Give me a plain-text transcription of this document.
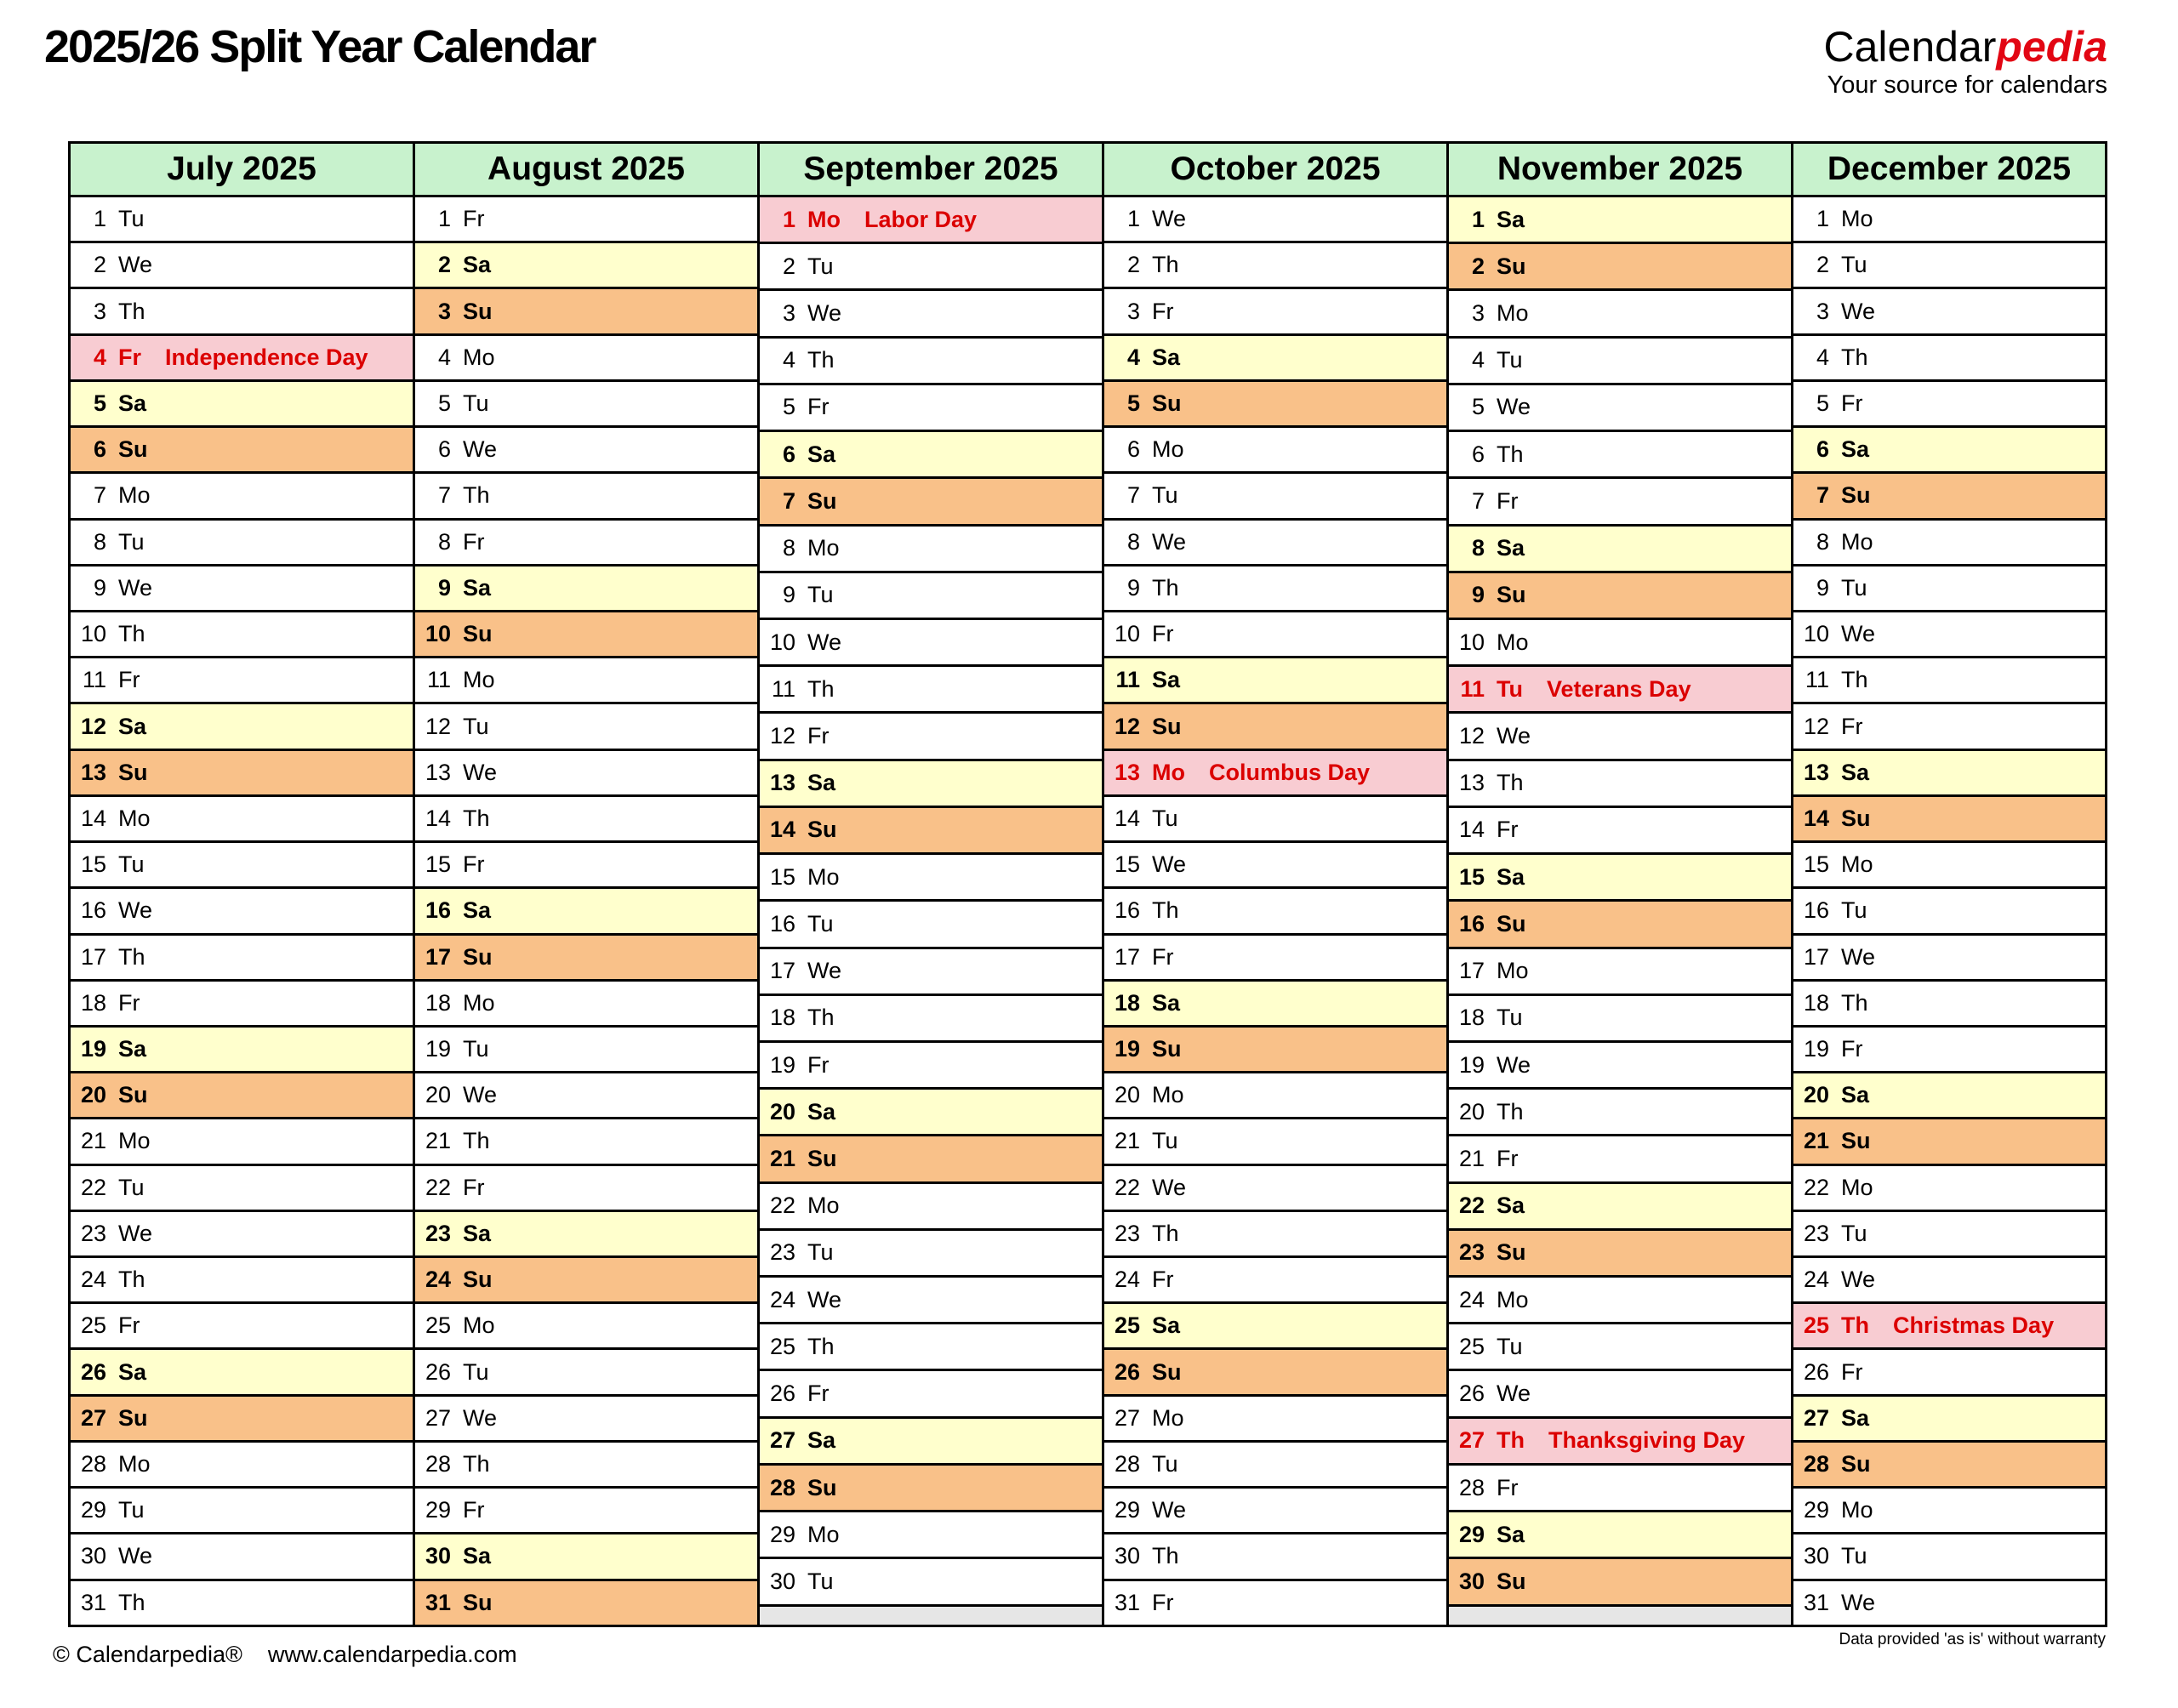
2025/26 Split Year Calendar	Calendarpedia
Your source for calendars
July 2025
1 Tu
2 We
3 Th
4 Fr Independence Day
5 Sa
6 Su
7 Mo
8 Tu
9 We
10 Th
11 Fr
12 Sa
13 Su
14 Mo
15 Tu
16 We
17 Th
18 Fr
19 Sa
20 Su
21 Mo
22 Tu
23 We
24 Th
25 Fr
26 Sa
27 Su
28 Mo
29 Tu
30 We
31 Th
August 2025
1 Fr
2 Sa
3 Su
4 Mo
5 Tu
6 We
7 Th
8 Fr
9 Sa
10 Su
11 Mo
12 Tu
13 We
14 Th
15 Fr
16 Sa
17 Su
18 Mo
19 Tu
20 We
21 Th
22 Fr
23 Sa
24 Su
25 Mo
26 Tu
27 We
28 Th
29 Fr
30 Sa
31 Su
September 2025
1 Mo Labor Day
2 Tu
3 We
4 Th
5 Fr
6 Sa
7 Su
8 Mo
9 Tu
10 We
11 Th
12 Fr
13 Sa
14 Su
15 Mo
16 Tu
17 We
18 Th
19 Fr
20 Sa
21 Su
22 Mo
23 Tu
24 We
25 Th
26 Fr
27 Sa
28 Su
29 Mo
30 Tu
October 2025
1 We
2 Th
3 Fr
4 Sa
5 Su
6 Mo
7 Tu
8 We
9 Th
10 Fr
11 Sa
12 Su
13 Mo Columbus Day
14 Tu
15 We
16 Th
17 Fr
18 Sa
19 Su
20 Mo
21 Tu
22 We
23 Th
24 Fr
25 Sa
26 Su
27 Mo
28 Tu
29 We
30 Th
31 Fr
November 2025
1 Sa
2 Su
3 Mo
4 Tu
5 We
6 Th
7 Fr
8 Sa
9 Su
10 Mo
11 Tu Veterans Day
12 We
13 Th
14 Fr
15 Sa
16 Su
17 Mo
18 Tu
19 We
20 Th
21 Fr
22 Sa
23 Su
24 Mo
25 Tu
26 We
27 Th Thanksgiving Day
28 Fr
29 Sa
30 Su
December 2025
1 Mo
2 Tu
3 We
4 Th
5 Fr
6 Sa
7 Su
8 Mo
9 Tu
10 We
11 Th
12 Fr
13 Sa
14 Su
15 Mo
16 Tu
17 We
18 Th
19 Fr
20 Sa
21 Su
22 Mo
23 Tu
24 We
25 Th Christmas Day
26 Fr
27 Sa
28 Su
29 Mo
30 Tu
31 We
© Calendarpedia® www.calendarpedia.com
Data provided 'as is' without warranty
